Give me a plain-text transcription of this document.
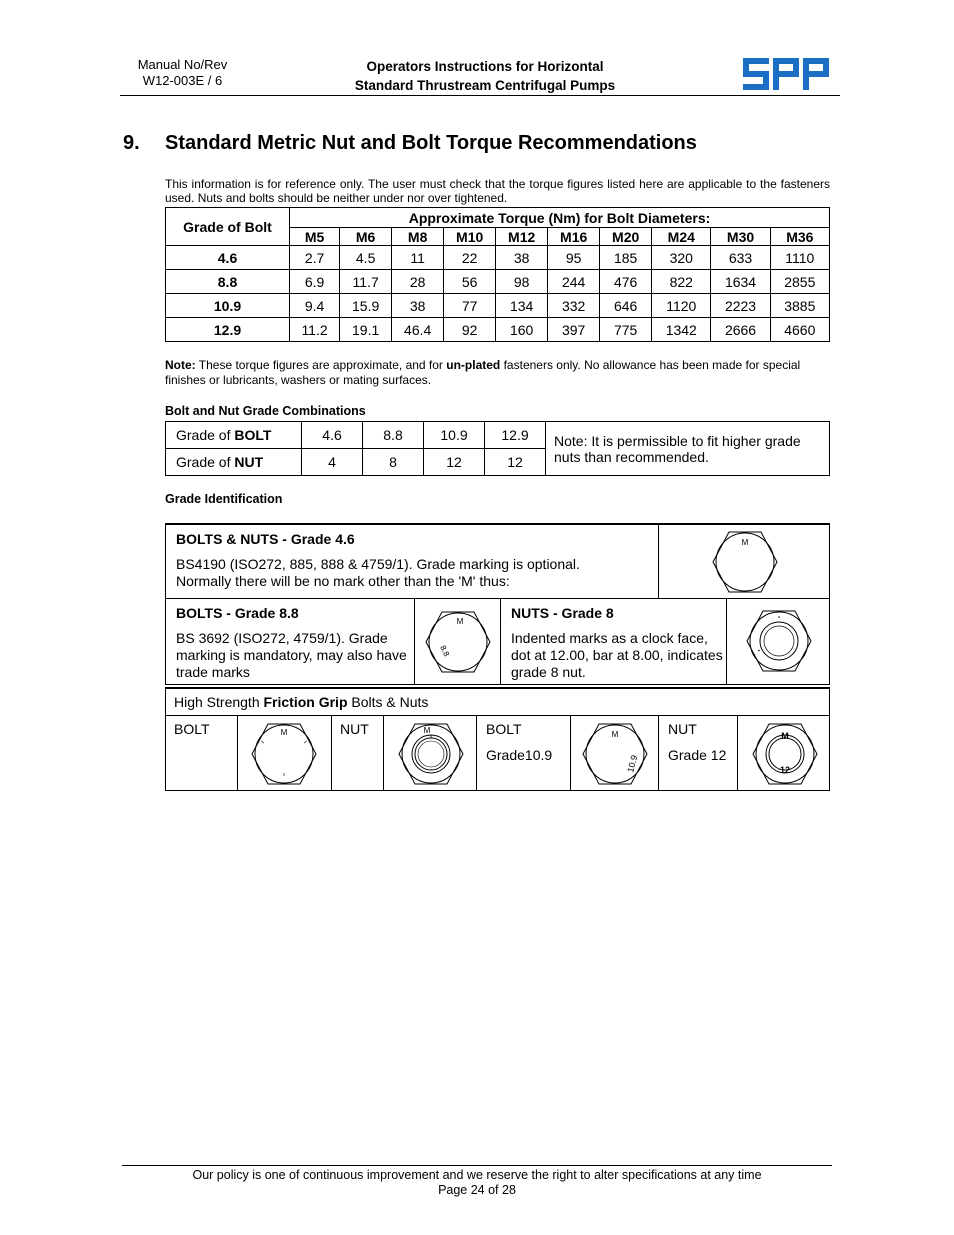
Manual No/Rev
W12-003E / 6
Operators Instructions for Horizontal
Standard Thrustream Centrifugal Pumps
9. Standard Metric Nut and Bolt Torque Recommendations
This information is for reference only. The user must check that the torque figures listed here are applicable to the fasteners used. Nuts and bolts should be neither under nor over tightened.
Grade of Bolt	Approximate Torque (Nm) for Bolt Diameters:									
	M5	M6	M8	M10	M12	M16	M20	M24	M30	M36
4.6	2.7	4.5	11	22	38	95	185	320	633	1110
8.8	6.9	11.7	28	56	98	244	476	822	1634	2855
10.9	9.4	15.9	38	77	134	332	646	1120	2223	3885
12.9	11.2	19.1	46.4	92	160	397	775	1342	2666	4660
Note: These torque figures are approximate, and for un-plated fasteners only. No allowance has been made for special finishes or lubricants, washers or mating surfaces.
Bolt and Nut Grade Combinations
Grade of BOLT	4.6	8.8	10.9	12.9	Note: It is permissible to fit higher grade nuts than recommended.
Grade of NUT	4	8	12	12	
Grade Identification
BOLTS & NUTS - Grade 4.6
BS4190 (ISO272, 885, 888 & 4759/1). Grade marking is optional.
Normally there will be no mark other than the 'M' thus:
M
BOLTS - Grade 8.8
BS 3692 (ISO272, 4759/1). Grade marking is mandatory, may also have trade marks
M
8.8
NUTS - Grade 8
Indented marks as a clock face, dot at 12.00, bar at 8.00, indicates grade 8 nut.
High Strength Friction Grip Bolts & Nuts
BOLT	M	NUT	M	BOLT
Grade10.9
M
10.9
NUT
Grade 12
M
12
Our policy is one of continuous improvement and we reserve the right to alter specifications at any time
Page 24 of 28
